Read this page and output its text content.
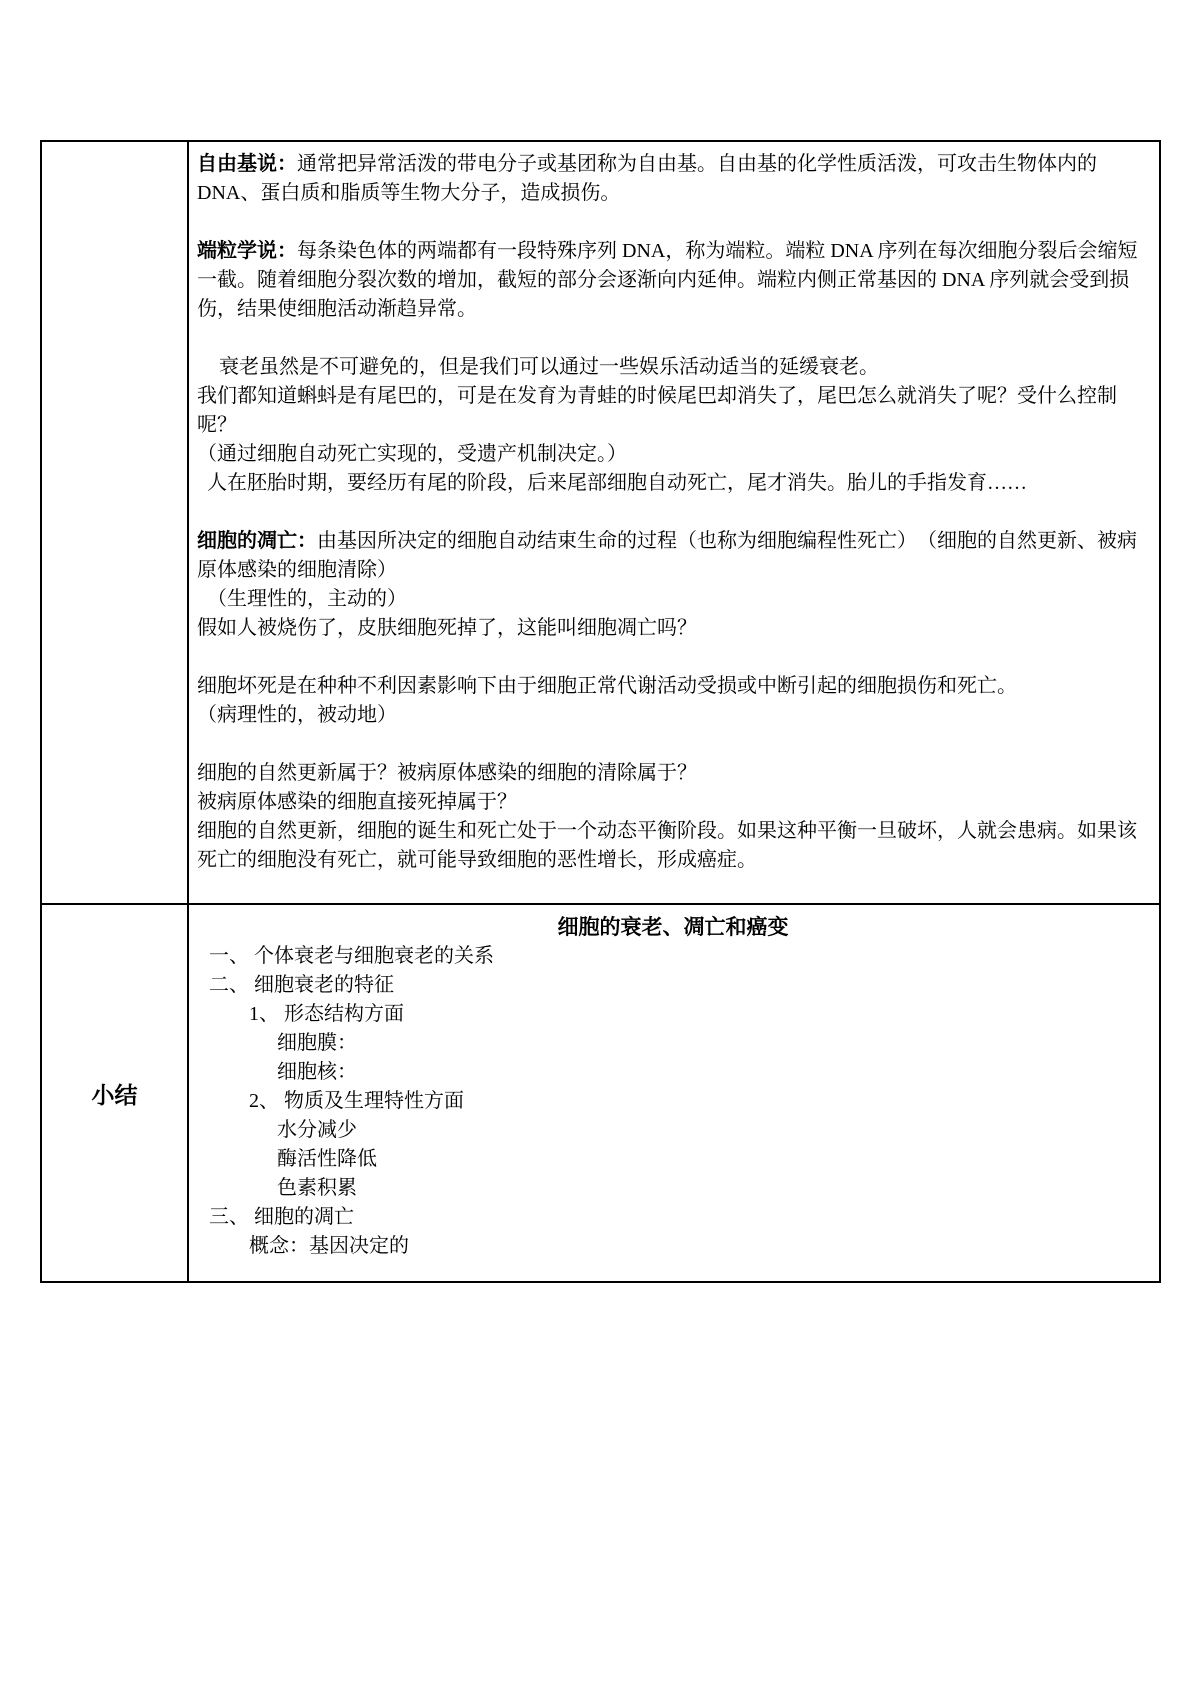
自由基说：通常把异常活泼的带电分子或基团称为自由基。自由基的化学性质活泼，可攻击生物体内的 DNA、蛋白质和脂质等生物大分子，造成损伤。

端粒学说：每条染色体的两端都有一段特殊序列 DNA，称为端粒。端粒 DNA 序列在每次细胞分裂后会缩短一截。随着细胞分裂次数的增加，截短的部分会逐渐向内延伸。端粒内侧正常基因的 DNA 序列就会受到损伤，结果使细胞活动渐趋异常。

衰老虽然是不可避免的，但是我们可以通过一些娱乐活动适当的延缓衰老。

我们都知道蝌蚪是有尾巴的，可是在发育为青蛙的时候尾巴却消失了，尾巴怎么就消失了呢？受什么控制呢？

（通过细胞自动死亡实现的，受遗产机制决定。）

人在胚胎时期，要经历有尾的阶段，后来尾部细胞自动死亡，尾才消失。胎儿的手指发育……

细胞的凋亡：由基因所决定的细胞自动结束生命的过程（也称为细胞编程性死亡）　（细胞的自然更新、被病原体感染的细胞清除）

（生理性的，主动的）

假如人被烧伤了，皮肤细胞死掉了，这能叫细胞凋亡吗？

细胞坏死是在种种不利因素影响下由于细胞正常代谢活动受损或中断引起的细胞损伤和死亡。

（病理性的，被动地）

细胞的自然更新属于？被病原体感染的细胞的清除属于？

被病原体感染的细胞直接死掉属于？

细胞的自然更新，细胞的诞生和死亡处于一个动态平衡阶段。如果这种平衡一旦破坏，人就会患病。如果该死亡的细胞没有死亡，就可能导致细胞的恶性增长，形成癌症。

小结	

细胞的衰老、凋亡和癌变

一、 个体衰老与细胞衰老的关系

二、 细胞衰老的特征

1、 形态结构方面

细胞膜：

细胞核：

2、 物质及生理特性方面

水分减少

酶活性降低

色素积累

三、 细胞的凋亡

概念：基因决定的
